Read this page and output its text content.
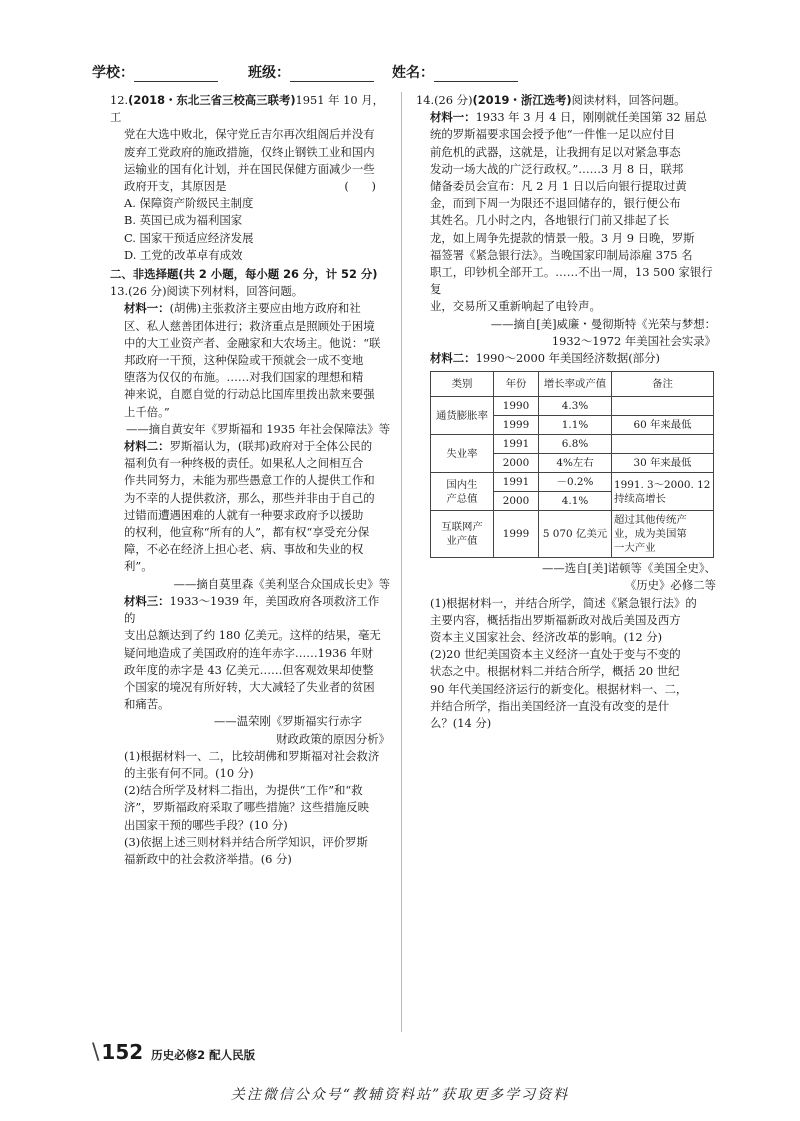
学校：	班级：	姓名：

12.(2018・东北三省三校高三联考)1951 年 10 月，工

党在大选中败北，保守党丘吉尔再次组阁后并没有

废弃工党政府的施政措施，仅终止钢铁工业和国内

运输业的国有化计划，并在国民保健方面减少一些

政府开支，其原因是	(　　)

A. 保障资产阶级民主制度

B. 英国已成为福利国家

C. 国家干预适应经济发展

D. 工党的改革卓有成效

二、非选择题(共 2 小题，每小题 26 分，计 52 分)

13.(26 分)阅读下列材料，回答问题。

材料一：(胡佛)主张救济主要应由地方政府和社

区、私人慈善团体进行；救济重点是照顾处于困境

中的大工业资产者、金融家和大农场主。他说：“联

邦政府一干预，这种保险或干预就会一成不变地

堕落为仅仅的布施。……对我们国家的理想和精

神来说，自愿自觉的行动总比国库里拨出款来要强

上千倍。”

——摘自黄安年《罗斯福和 1935 年社会保障法》等

材料二：罗斯福认为，(联邦)政府对于全体公民的

福利负有一种终极的责任。如果私人之间相互合

作共同努力，未能为那些愚意工作的人提供工作和

为不幸的人提供救济，那么，那些并非由于自己的

过错而遭遇困难的人就有一种要求政府予以援助

的权利，他宣称“所有的人”，都有权“享受充分保

障，不必在经济上担心老、病、事故和失业的权利”。

——摘自莫里森《美利坚合众国成长史》等

材料三：1933～1939 年，美国政府各项救济工作的

支出总额达到了约 180 亿美元。这样的结果，毫无

疑问地造成了美国政府的连年赤字……1936 年财

政年度的赤字是 43 亿美元……但客观效果却使整

个国家的境况有所好转，大大减轻了失业者的贫困

和痛苦。

——温荣刚《罗斯福实行赤字

财政政策的原因分析》

(1)根据材料一、二，比较胡佛和罗斯福对社会救济

的主张有何不同。(10 分)

(2)结合所学及材料二指出，为提供“工作”和“救

济”，罗斯福政府采取了哪些措施？这些措施反映

出国家干预的哪些手段？(10 分)

(3)依据上述三则材料并结合所学知识，评价罗斯

福新政中的社会救济举措。(6 分)

14.(26 分)(2019・浙江选考)阅读材料，回答问题。

材料一：1933 年 3 月 4 日，刚刚就任美国第 32 届总

统的罗斯福要求国会授予他“一件惟一足以应付目

前危机的武器，这就是，让我拥有足以对紧急事态

发动一场大战的广泛行政权。”……3 月 8 日，联邦

储备委员会宣布：凡 2 月 1 日以后向银行提取过黄

金，而到下周一为限还不退回储存的，银行便公布

其姓名。几小时之内，各地银行门前又排起了长

龙，如上周争先提款的情景一般。3 月 9 日晚，罗斯

福签署《紧急银行法》。当晚国家印制局添雇 375 名

职工，印钞机全部开工。……不出一周，13 500 家银行复

业，交易所又重新响起了电铃声。

——摘自[美]威廉・曼彻斯特《光荣与梦想：

1932～1972 年美国社会实录》

材料二：1990～2000 年美国经济数据(部分)

类别	年份	增长率或产值	备注
通货膨胀率	1990	4.3%	
	1999	1.1%	60 年来最低
失业率	1991	6.8%	
	2000	4%左右	30 年来最低
国内生
产总值	1991	－0.2%	1991. 3～2000. 12
持续高增长
	2000	4.1%	
互联网产
业产值	1999	5 070 亿美元	超过其他传统产
业，成为美国第
一大产业

——选自[美]诺顿等《美国全史》、

《历史》必修二等

(1)根据材料一，并结合所学，简述《紧急银行法》的

主要内容，概括指出罗斯福新政对战后美国及西方

资本主义国家社会、经济改革的影响。(12 分)

(2)20 世纪美国资本主义经济一直处于变与不变的

状态之中。根据材料二并结合所学，概括 20 世纪

90 年代美国经济运行的新变化。根据材料一、二，

并结合所学，指出美国经济一直没有改变的是什

么？(14 分)

\ 152 历史必修2 配人民版
关注微信公众号“教辅资料站”获取更多学习资料
